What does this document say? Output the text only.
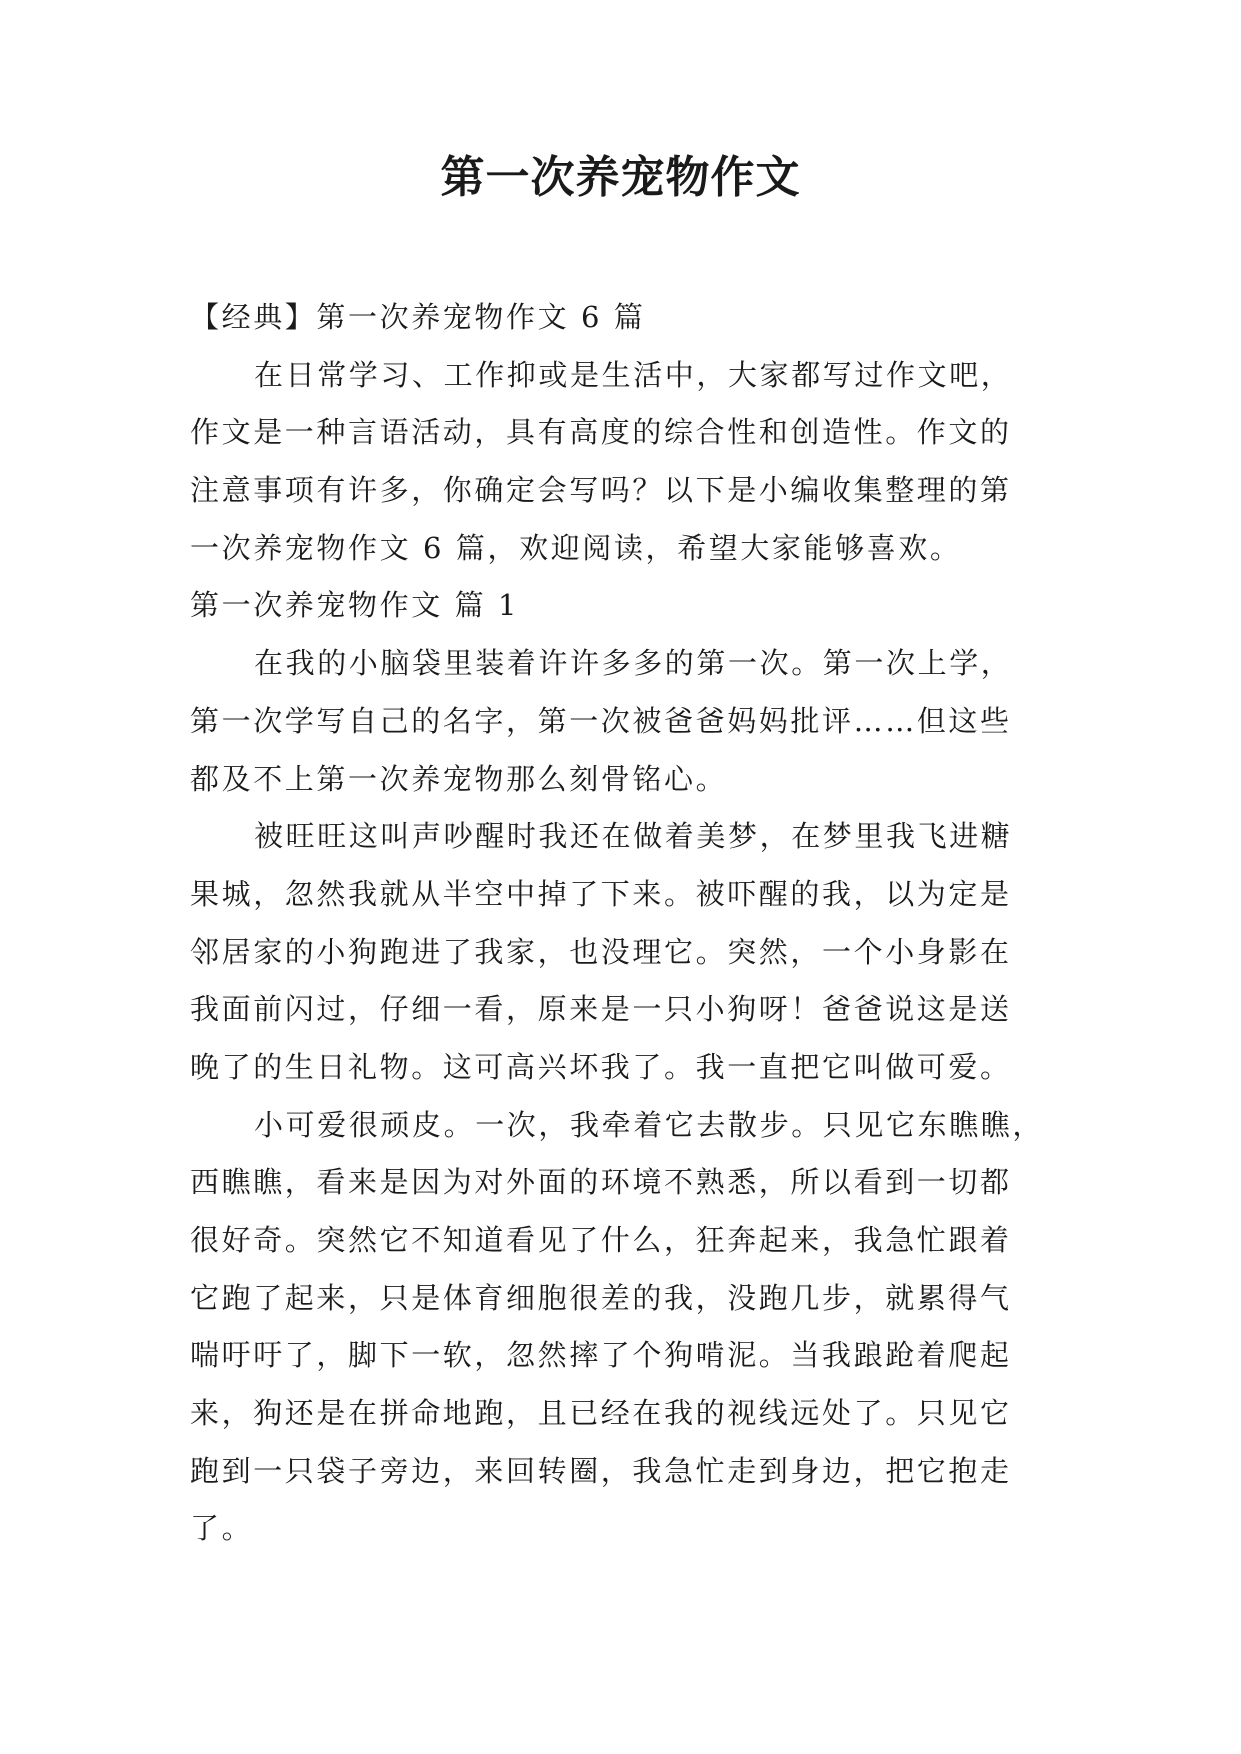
第一次养宠物作文

【经典】第一次养宠物作文 6 篇

在日常学习、工作抑或是生活中，大家都写过作文吧，

作文是一种言语活动，具有高度的综合性和创造性。作文的

注意事项有许多，你确定会写吗？以下是小编收集整理的第

一次养宠物作文 6 篇，欢迎阅读，希望大家能够喜欢。

第一次养宠物作文 篇 1

在我的小脑袋里装着许许多多的第一次。第一次上学，

第一次学写自己的名字，第一次被爸爸妈妈批评……但这些

都及不上第一次养宠物那么刻骨铭心。

被旺旺这叫声吵醒时我还在做着美梦，在梦里我飞进糖

果城，忽然我就从半空中掉了下来。被吓醒的我，以为定是

邻居家的小狗跑进了我家，也没理它。突然，一个小身影在

我面前闪过，仔细一看，原来是一只小狗呀！爸爸说这是送

晚了的生日礼物。这可高兴坏我了。我一直把它叫做可爱。

小可爱很顽皮。一次，我牵着它去散步。只见它东瞧瞧，

西瞧瞧，看来是因为对外面的环境不熟悉，所以看到一切都

很好奇。突然它不知道看见了什么，狂奔起来，我急忙跟着

它跑了起来，只是体育细胞很差的我，没跑几步，就累得气

喘吁吁了，脚下一软，忽然摔了个狗啃泥。当我踉跄着爬起

来，狗还是在拼命地跑，且已经在我的视线远处了。只见它

跑到一只袋子旁边，来回转圈，我急忙走到身边，把它抱走

了。
